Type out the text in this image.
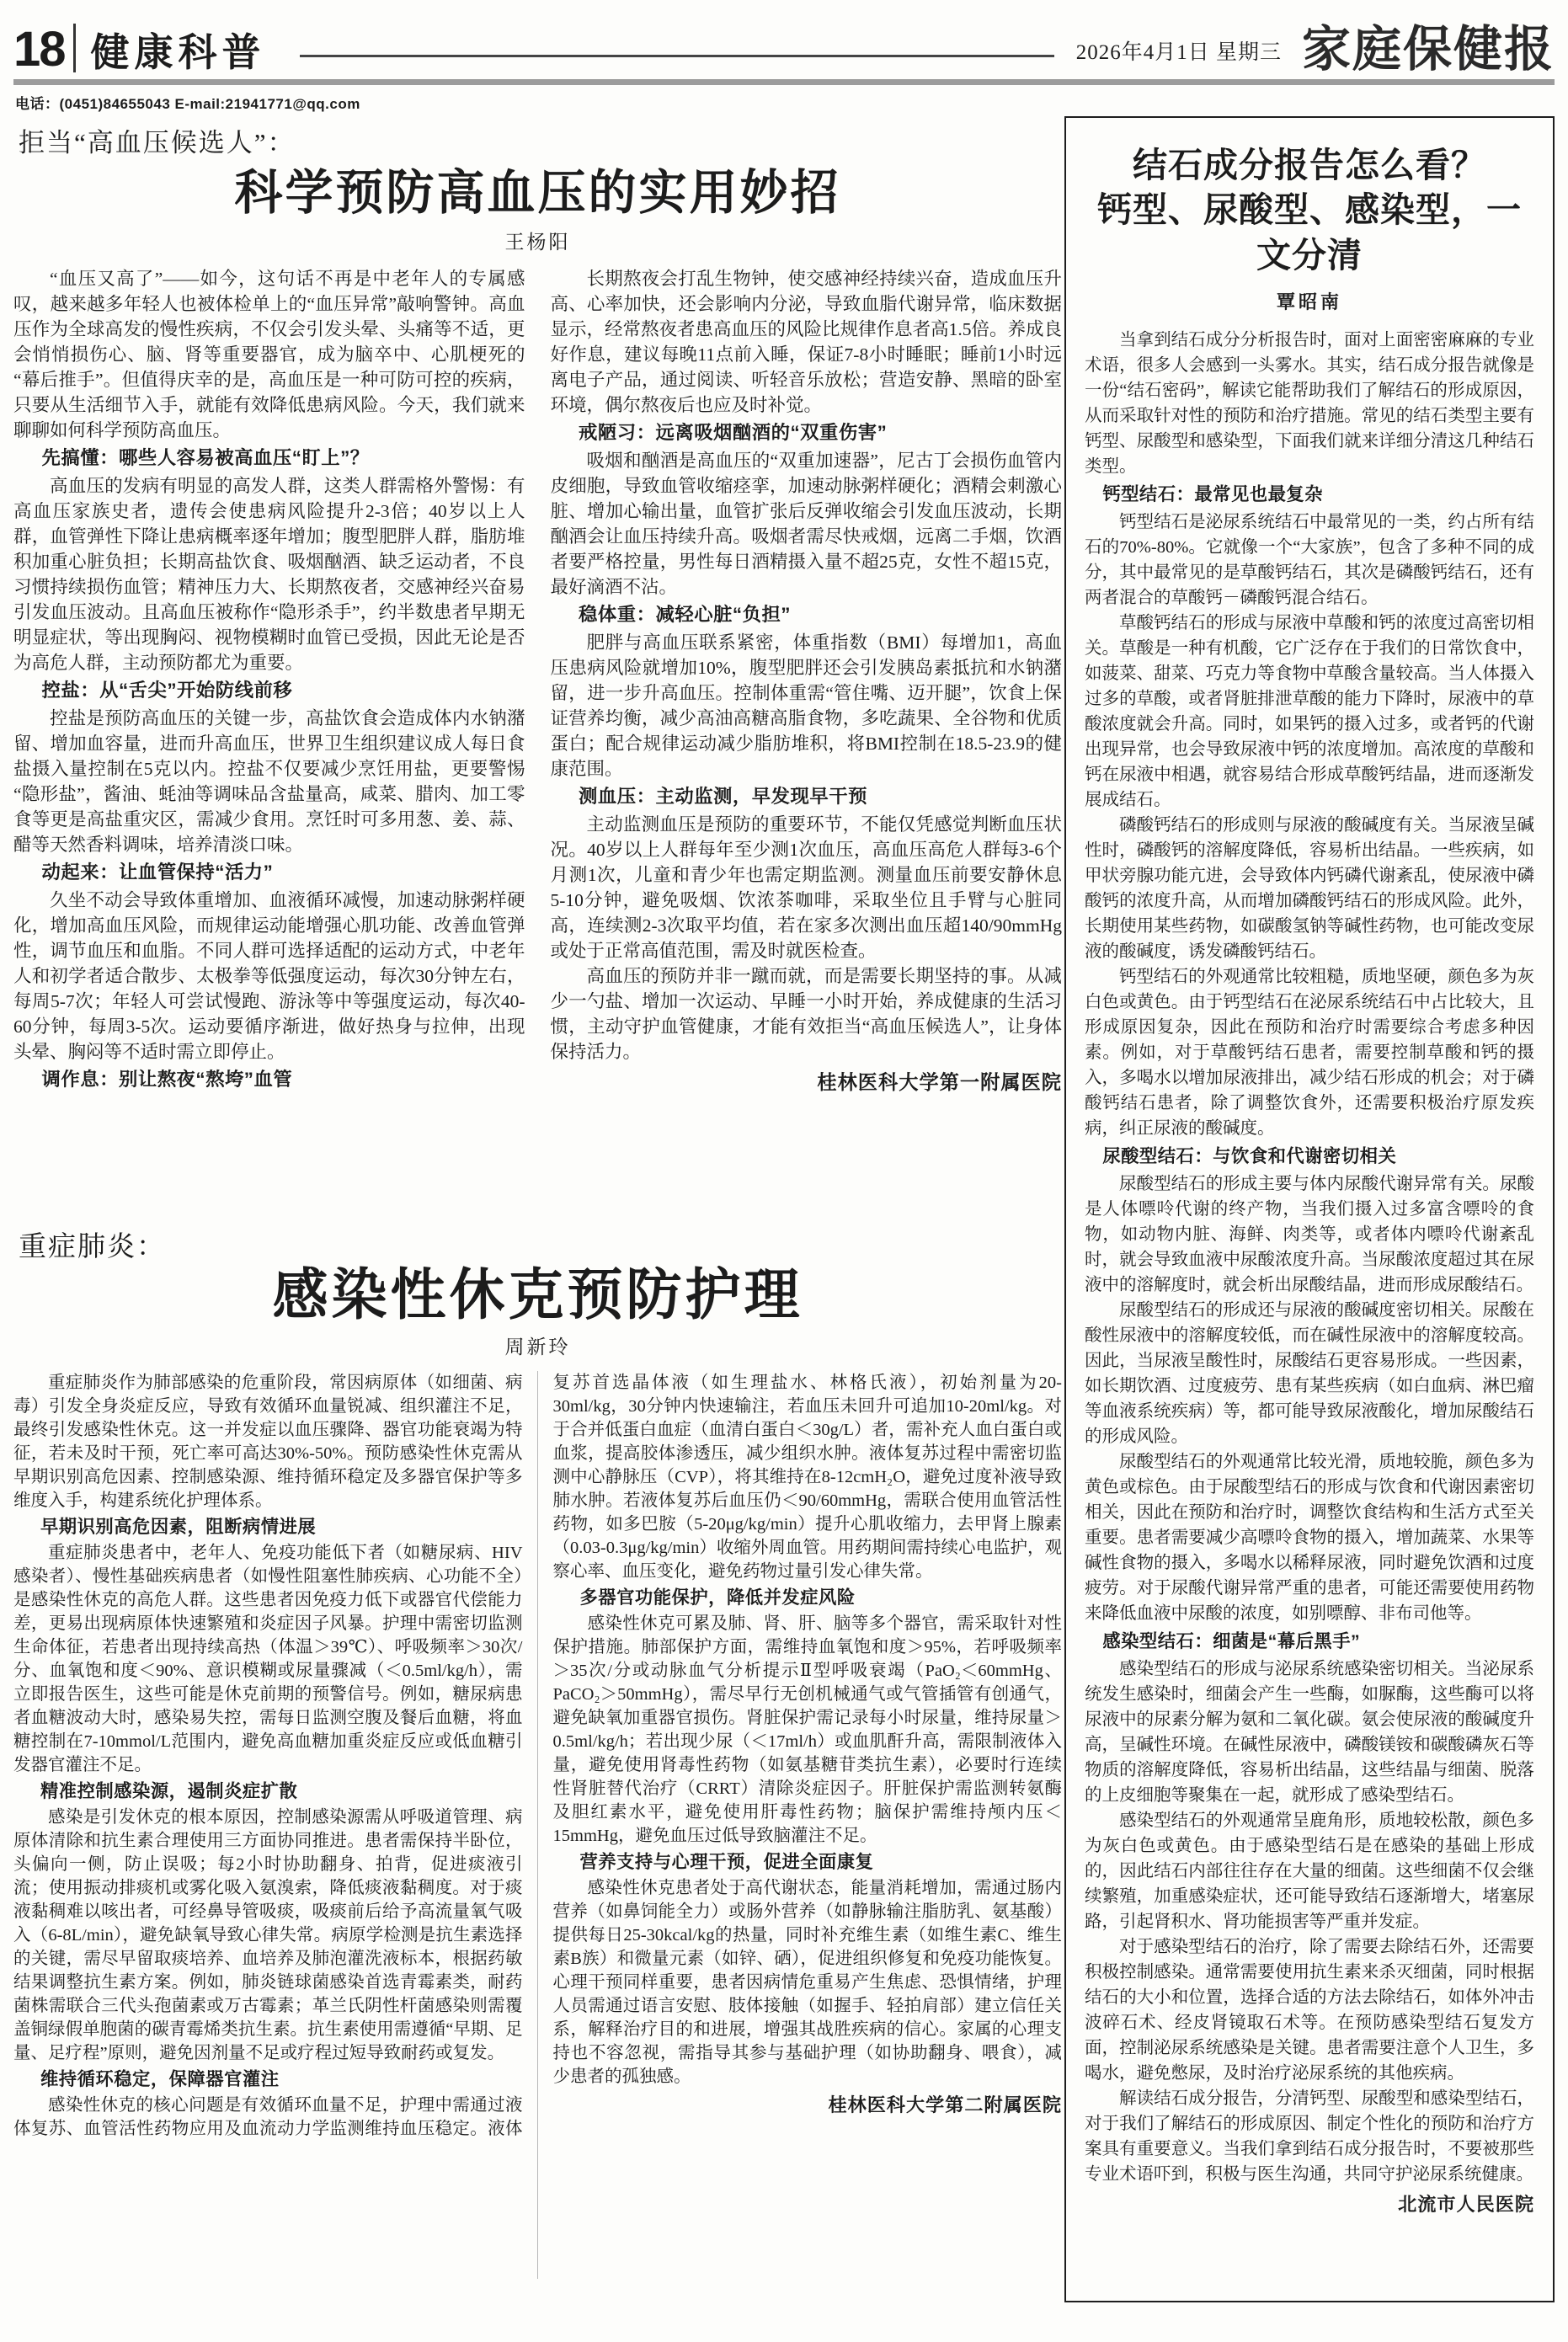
18 健康科普	2026年4月1日 星期三 家庭保健报
电话：(0451)84655043 E-mail:21941771@qq.com
拒当“高血压候选人”：
科学预防高血压的实用妙招
王杨阳

“血压又高了”——如今，这句话不再是中老年人的专属感叹，越来越多年轻人也被体检单上的“血压异常”敲响警钟。高血压作为全球高发的慢性疾病，不仅会引发头晕、头痛等不适，更会悄悄损伤心、脑、肾等重要器官，成为脑卒中、心肌梗死的“幕后推手”。但值得庆幸的是，高血压是一种可防可控的疾病，只要从生活细节入手，就能有效降低患病风险。今天，我们就来聊聊如何科学预防高血压。

先搞懂：哪些人容易被高血压“盯上”？

高血压的发病有明显的高发人群，这类人群需格外警惕：有高血压家族史者，遗传会使患病风险提升2-3倍；40岁以上人群，血管弹性下降让患病概率逐年增加；腹型肥胖人群，脂肪堆积加重心脏负担；长期高盐饮食、吸烟酗酒、缺乏运动者，不良习惯持续损伤血管；精神压力大、长期熬夜者，交感神经兴奋易引发血压波动。且高血压被称作“隐形杀手”，约半数患者早期无明显症状，等出现胸闷、视物模糊时血管已受损，因此无论是否为高危人群，主动预防都尤为重要。

控盐：从“舌尖”开始防线前移

控盐是预防高血压的关键一步，高盐饮食会造成体内水钠潴留、增加血容量，进而升高血压，世界卫生组织建议成人每日食盐摄入量控制在5克以内。控盐不仅要减少烹饪用盐，更要警惕“隐形盐”，酱油、蚝油等调味品含盐量高，咸菜、腊肉、加工零食等更是高盐重灾区，需减少食用。烹饪时可多用葱、姜、蒜、醋等天然香料调味，培养清淡口味。

动起来：让血管保持“活力”

久坐不动会导致体重增加、血液循环减慢，加速动脉粥样硬化，增加高血压风险，而规律运动能增强心肌功能、改善血管弹性，调节血压和血脂。不同人群可选择适配的运动方式，中老年人和初学者适合散步、太极拳等低强度运动，每次30分钟左右，每周5-7次；年轻人可尝试慢跑、游泳等中等强度运动，每次40-60分钟，每周3-5次。运动要循序渐进，做好热身与拉伸，出现头晕、胸闷等不适时需立即停止。

调作息：别让熬夜“熬垮”血管

长期熬夜会打乱生物钟，使交感神经持续兴奋，造成血压升高、心率加快，还会影响内分泌，导致血脂代谢异常，临床数据显示，经常熬夜者患高血压的风险比规律作息者高1.5倍。养成良好作息，建议每晚11点前入睡，保证7-8小时睡眠；睡前1小时远离电子产品，通过阅读、听轻音乐放松；营造安静、黑暗的卧室环境，偶尔熬夜后也应及时补觉。

戒陋习：远离吸烟酗酒的“双重伤害”

吸烟和酗酒是高血压的“双重加速器”，尼古丁会损伤血管内皮细胞，导致血管收缩痉挛，加速动脉粥样硬化；酒精会刺激心脏、增加心输出量，血管扩张后反弹收缩会引发血压波动，长期酗酒会让血压持续升高。吸烟者需尽快戒烟，远离二手烟，饮酒者要严格控量，男性每日酒精摄入量不超25克，女性不超15克，最好滴酒不沾。

稳体重：减轻心脏“负担”

肥胖与高血压联系紧密，体重指数（BMI）每增加1，高血压患病风险就增加10%，腹型肥胖还会引发胰岛素抵抗和水钠潴留，进一步升高血压。控制体重需“管住嘴、迈开腿”，饮食上保证营养均衡，减少高油高糖高脂食物，多吃蔬果、全谷物和优质蛋白；配合规律运动减少脂肪堆积，将BMI控制在18.5-23.9的健康范围。

测血压：主动监测，早发现早干预

主动监测血压是预防的重要环节，不能仅凭感觉判断血压状况。40岁以上人群每年至少测1次血压，高血压高危人群每3-6个月测1次，儿童和青少年也需定期监测。测量血压前要安静休息5-10分钟，避免吸烟、饮浓茶咖啡，采取坐位且手臂与心脏同高，连续测2-3次取平均值，若在家多次测出血压超140/90mmHg或处于正常高值范围，需及时就医检查。

高血压的预防并非一蹴而就，而是需要长期坚持的事。从减少一勺盐、增加一次运动、早睡一小时开始，养成健康的生活习惯，主动守护血管健康，才能有效拒当“高血压候选人”，让身体保持活力。

桂林医科大学第一附属医院

重症肺炎：
感染性休克预防护理
周新玲

重症肺炎作为肺部感染的危重阶段，常因病原体（如细菌、病毒）引发全身炎症反应，导致有效循环血量锐减、组织灌注不足，最终引发感染性休克。这一并发症以血压骤降、器官功能衰竭为特征，若未及时干预，死亡率可高达30%-50%。预防感染性休克需从早期识别高危因素、控制感染源、维持循环稳定及多器官保护等多维度入手，构建系统化护理体系。

早期识别高危因素，阻断病情进展

重症肺炎患者中，老年人、免疫功能低下者（如糖尿病、HIV感染者）、慢性基础疾病患者（如慢性阻塞性肺疾病、心功能不全）是感染性休克的高危人群。这些患者因免疫力低下或器官代偿能力差，更易出现病原体快速繁殖和炎症因子风暴。护理中需密切监测生命体征，若患者出现持续高热（体温＞39℃）、呼吸频率＞30次/分、血氧饱和度＜90%、意识模糊或尿量骤减（＜0.5ml/kg/h），需立即报告医生，这些可能是休克前期的预警信号。例如，糖尿病患者血糖波动大时，感染易失控，需每日监测空腹及餐后血糖，将血糖控制在7-10mmol/L范围内，避免高血糖加重炎症反应或低血糖引发器官灌注不足。

精准控制感染源，遏制炎症扩散

感染是引发休克的根本原因，控制感染源需从呼吸道管理、病原体清除和抗生素合理使用三方面协同推进。患者需保持半卧位，头偏向一侧，防止误吸；每2小时协助翻身、拍背，促进痰液引流；使用振动排痰机或雾化吸入氨溴索，降低痰液黏稠度。对于痰液黏稠难以咳出者，可经鼻导管吸痰，吸痰前后给予高流量氧气吸入（6-8L/min），避免缺氧导致心律失常。病原学检测是抗生素选择的关键，需尽早留取痰培养、血培养及肺泡灌洗液标本，根据药敏结果调整抗生素方案。例如，肺炎链球菌感染首选青霉素类，耐药菌株需联合三代头孢菌素或万古霉素；革兰氏阴性杆菌感染则需覆盖铜绿假单胞菌的碳青霉烯类抗生素。抗生素使用需遵循“早期、足量、足疗程”原则，避免因剂量不足或疗程过短导致耐药或复发。

维持循环稳定，保障器官灌注

感染性休克的核心问题是有效循环血量不足，护理中需通过液体复苏、血管活性药物应用及血流动力学监测维持血压稳定。液体复苏首选晶体液（如生理盐水、林格氏液），初始剂量为20-30ml/kg，30分钟内快速输注，若血压未回升可追加10-20ml/kg。对于合并低蛋白血症（血清白蛋白＜30g/L）者，需补充人血白蛋白或血浆，提高胶体渗透压，减少组织水肿。液体复苏过程中需密切监测中心静脉压（CVP），将其维持在8-12cmH₂O，避免过度补液导致肺水肿。若液体复苏后血压仍＜90/60mmHg，需联合使用血管活性药物，如多巴胺（5-20μg/kg/min）提升心肌收缩力，去甲肾上腺素（0.03-0.3μg/kg/min）收缩外周血管。用药期间需持续心电监护，观察心率、血压变化，避免药物过量引发心律失常。

多器官功能保护，降低并发症风险

感染性休克可累及肺、肾、肝、脑等多个器官，需采取针对性保护措施。肺部保护方面，需维持血氧饱和度＞95%，若呼吸频率＞35次/分或动脉血气分析提示Ⅱ型呼吸衰竭（PaO₂＜60mmHg、PaCO₂＞50mmHg），需尽早行无创机械通气或气管插管有创通气，避免缺氧加重器官损伤。肾脏保护需记录每小时尿量，维持尿量＞0.5ml/kg/h；若出现少尿（＜17ml/h）或血肌酐升高，需限制液体入量，避免使用肾毒性药物（如氨基糖苷类抗生素），必要时行连续性肾脏替代治疗（CRRT）清除炎症因子。肝脏保护需监测转氨酶及胆红素水平，避免使用肝毒性药物；脑保护需维持颅内压＜15mmHg，避免血压过低导致脑灌注不足。

营养支持与心理干预，促进全面康复

感染性休克患者处于高代谢状态，能量消耗增加，需通过肠内营养（如鼻饲能全力）或肠外营养（如静脉输注脂肪乳、氨基酸）提供每日25-30kcal/kg的热量，同时补充维生素（如维生素C、维生素B族）和微量元素（如锌、硒），促进组织修复和免疫功能恢复。心理干预同样重要，患者因病情危重易产生焦虑、恐惧情绪，护理人员需通过语言安慰、肢体接触（如握手、轻拍肩部）建立信任关系，解释治疗目的和进展，增强其战胜疾病的信心。家属的心理支持也不容忽视，需指导其参与基础护理（如协助翻身、喂食），减少患者的孤独感。

桂林医科大学第二附属医院

结石成分报告怎么看？
钙型、尿酸型、感染型，一文分清
覃昭南

当拿到结石成分分析报告时，面对上面密密麻麻的专业术语，很多人会感到一头雾水。其实，结石成分报告就像是一份“结石密码”，解读它能帮助我们了解结石的形成原因，从而采取针对性的预防和治疗措施。常见的结石类型主要有钙型、尿酸型和感染型，下面我们就来详细分清这几种结石类型。

钙型结石：最常见也最复杂

钙型结石是泌尿系统结石中最常见的一类，约占所有结石的70%-80%。它就像一个“大家族”，包含了多种不同的成分，其中最常见的是草酸钙结石，其次是磷酸钙结石，还有两者混合的草酸钙－磷酸钙混合结石。

草酸钙结石的形成与尿液中草酸和钙的浓度过高密切相关。草酸是一种有机酸，它广泛存在于我们的日常饮食中，如菠菜、甜菜、巧克力等食物中草酸含量较高。当人体摄入过多的草酸，或者肾脏排泄草酸的能力下降时，尿液中的草酸浓度就会升高。同时，如果钙的摄入过多，或者钙的代谢出现异常，也会导致尿液中钙的浓度增加。高浓度的草酸和钙在尿液中相遇，就容易结合形成草酸钙结晶，进而逐渐发展成结石。

磷酸钙结石的形成则与尿液的酸碱度有关。当尿液呈碱性时，磷酸钙的溶解度降低，容易析出结晶。一些疾病，如甲状旁腺功能亢进，会导致体内钙磷代谢紊乱，使尿液中磷酸钙的浓度升高，从而增加磷酸钙结石的形成风险。此外，长期使用某些药物，如碳酸氢钠等碱性药物，也可能改变尿液的酸碱度，诱发磷酸钙结石。

钙型结石的外观通常比较粗糙，质地坚硬，颜色多为灰白色或黄色。由于钙型结石在泌尿系统结石中占比较大，且形成原因复杂，因此在预防和治疗时需要综合考虑多种因素。例如，对于草酸钙结石患者，需要控制草酸和钙的摄入，多喝水以增加尿液排出，减少结石形成的机会；对于磷酸钙结石患者，除了调整饮食外，还需要积极治疗原发疾病，纠正尿液的酸碱度。

尿酸型结石：与饮食和代谢密切相关

尿酸型结石的形成主要与体内尿酸代谢异常有关。尿酸是人体嘌呤代谢的终产物，当我们摄入过多富含嘌呤的食物，如动物内脏、海鲜、肉类等，或者体内嘌呤代谢紊乱时，就会导致血液中尿酸浓度升高。当尿酸浓度超过其在尿液中的溶解度时，就会析出尿酸结晶，进而形成尿酸结石。

尿酸型结石的形成还与尿液的酸碱度密切相关。尿酸在酸性尿液中的溶解度较低，而在碱性尿液中的溶解度较高。因此，当尿液呈酸性时，尿酸结石更容易形成。一些因素，如长期饮酒、过度疲劳、患有某些疾病（如白血病、淋巴瘤等血液系统疾病）等，都可能导致尿液酸化，增加尿酸结石的形成风险。

尿酸型结石的外观通常比较光滑，质地较脆，颜色多为黄色或棕色。由于尿酸型结石的形成与饮食和代谢因素密切相关，因此在预防和治疗时，调整饮食结构和生活方式至关重要。患者需要减少高嘌呤食物的摄入，增加蔬菜、水果等碱性食物的摄入，多喝水以稀释尿液，同时避免饮酒和过度疲劳。对于尿酸代谢异常严重的患者，可能还需要使用药物来降低血液中尿酸的浓度，如别嘌醇、非布司他等。

感染型结石：细菌是“幕后黑手”

感染型结石的形成与泌尿系统感染密切相关。当泌尿系统发生感染时，细菌会产生一些酶，如脲酶，这些酶可以将尿液中的尿素分解为氨和二氧化碳。氨会使尿液的酸碱度升高，呈碱性环境。在碱性尿液中，磷酸镁铵和碳酸磷灰石等物质的溶解度降低，容易析出结晶，这些结晶与细菌、脱落的上皮细胞等聚集在一起，就形成了感染型结石。

感染型结石的外观通常呈鹿角形，质地较松散，颜色多为灰白色或黄色。由于感染型结石是在感染的基础上形成的，因此结石内部往往存在大量的细菌。这些细菌不仅会继续繁殖，加重感染症状，还可能导致结石逐渐增大，堵塞尿路，引起肾积水、肾功能损害等严重并发症。

对于感染型结石的治疗，除了需要去除结石外，还需要积极控制感染。通常需要使用抗生素来杀灭细菌，同时根据结石的大小和位置，选择合适的方法去除结石，如体外冲击波碎石术、经皮肾镜取石术等。在预防感染型结石复发方面，控制泌尿系统感染是关键。患者需要注意个人卫生，多喝水，避免憋尿，及时治疗泌尿系统的其他疾病。

解读结石成分报告，分清钙型、尿酸型和感染型结石，对于我们了解结石的形成原因、制定个性化的预防和治疗方案具有重要意义。当我们拿到结石成分报告时，不要被那些专业术语吓到，积极与医生沟通，共同守护泌尿系统健康。

北流市人民医院
